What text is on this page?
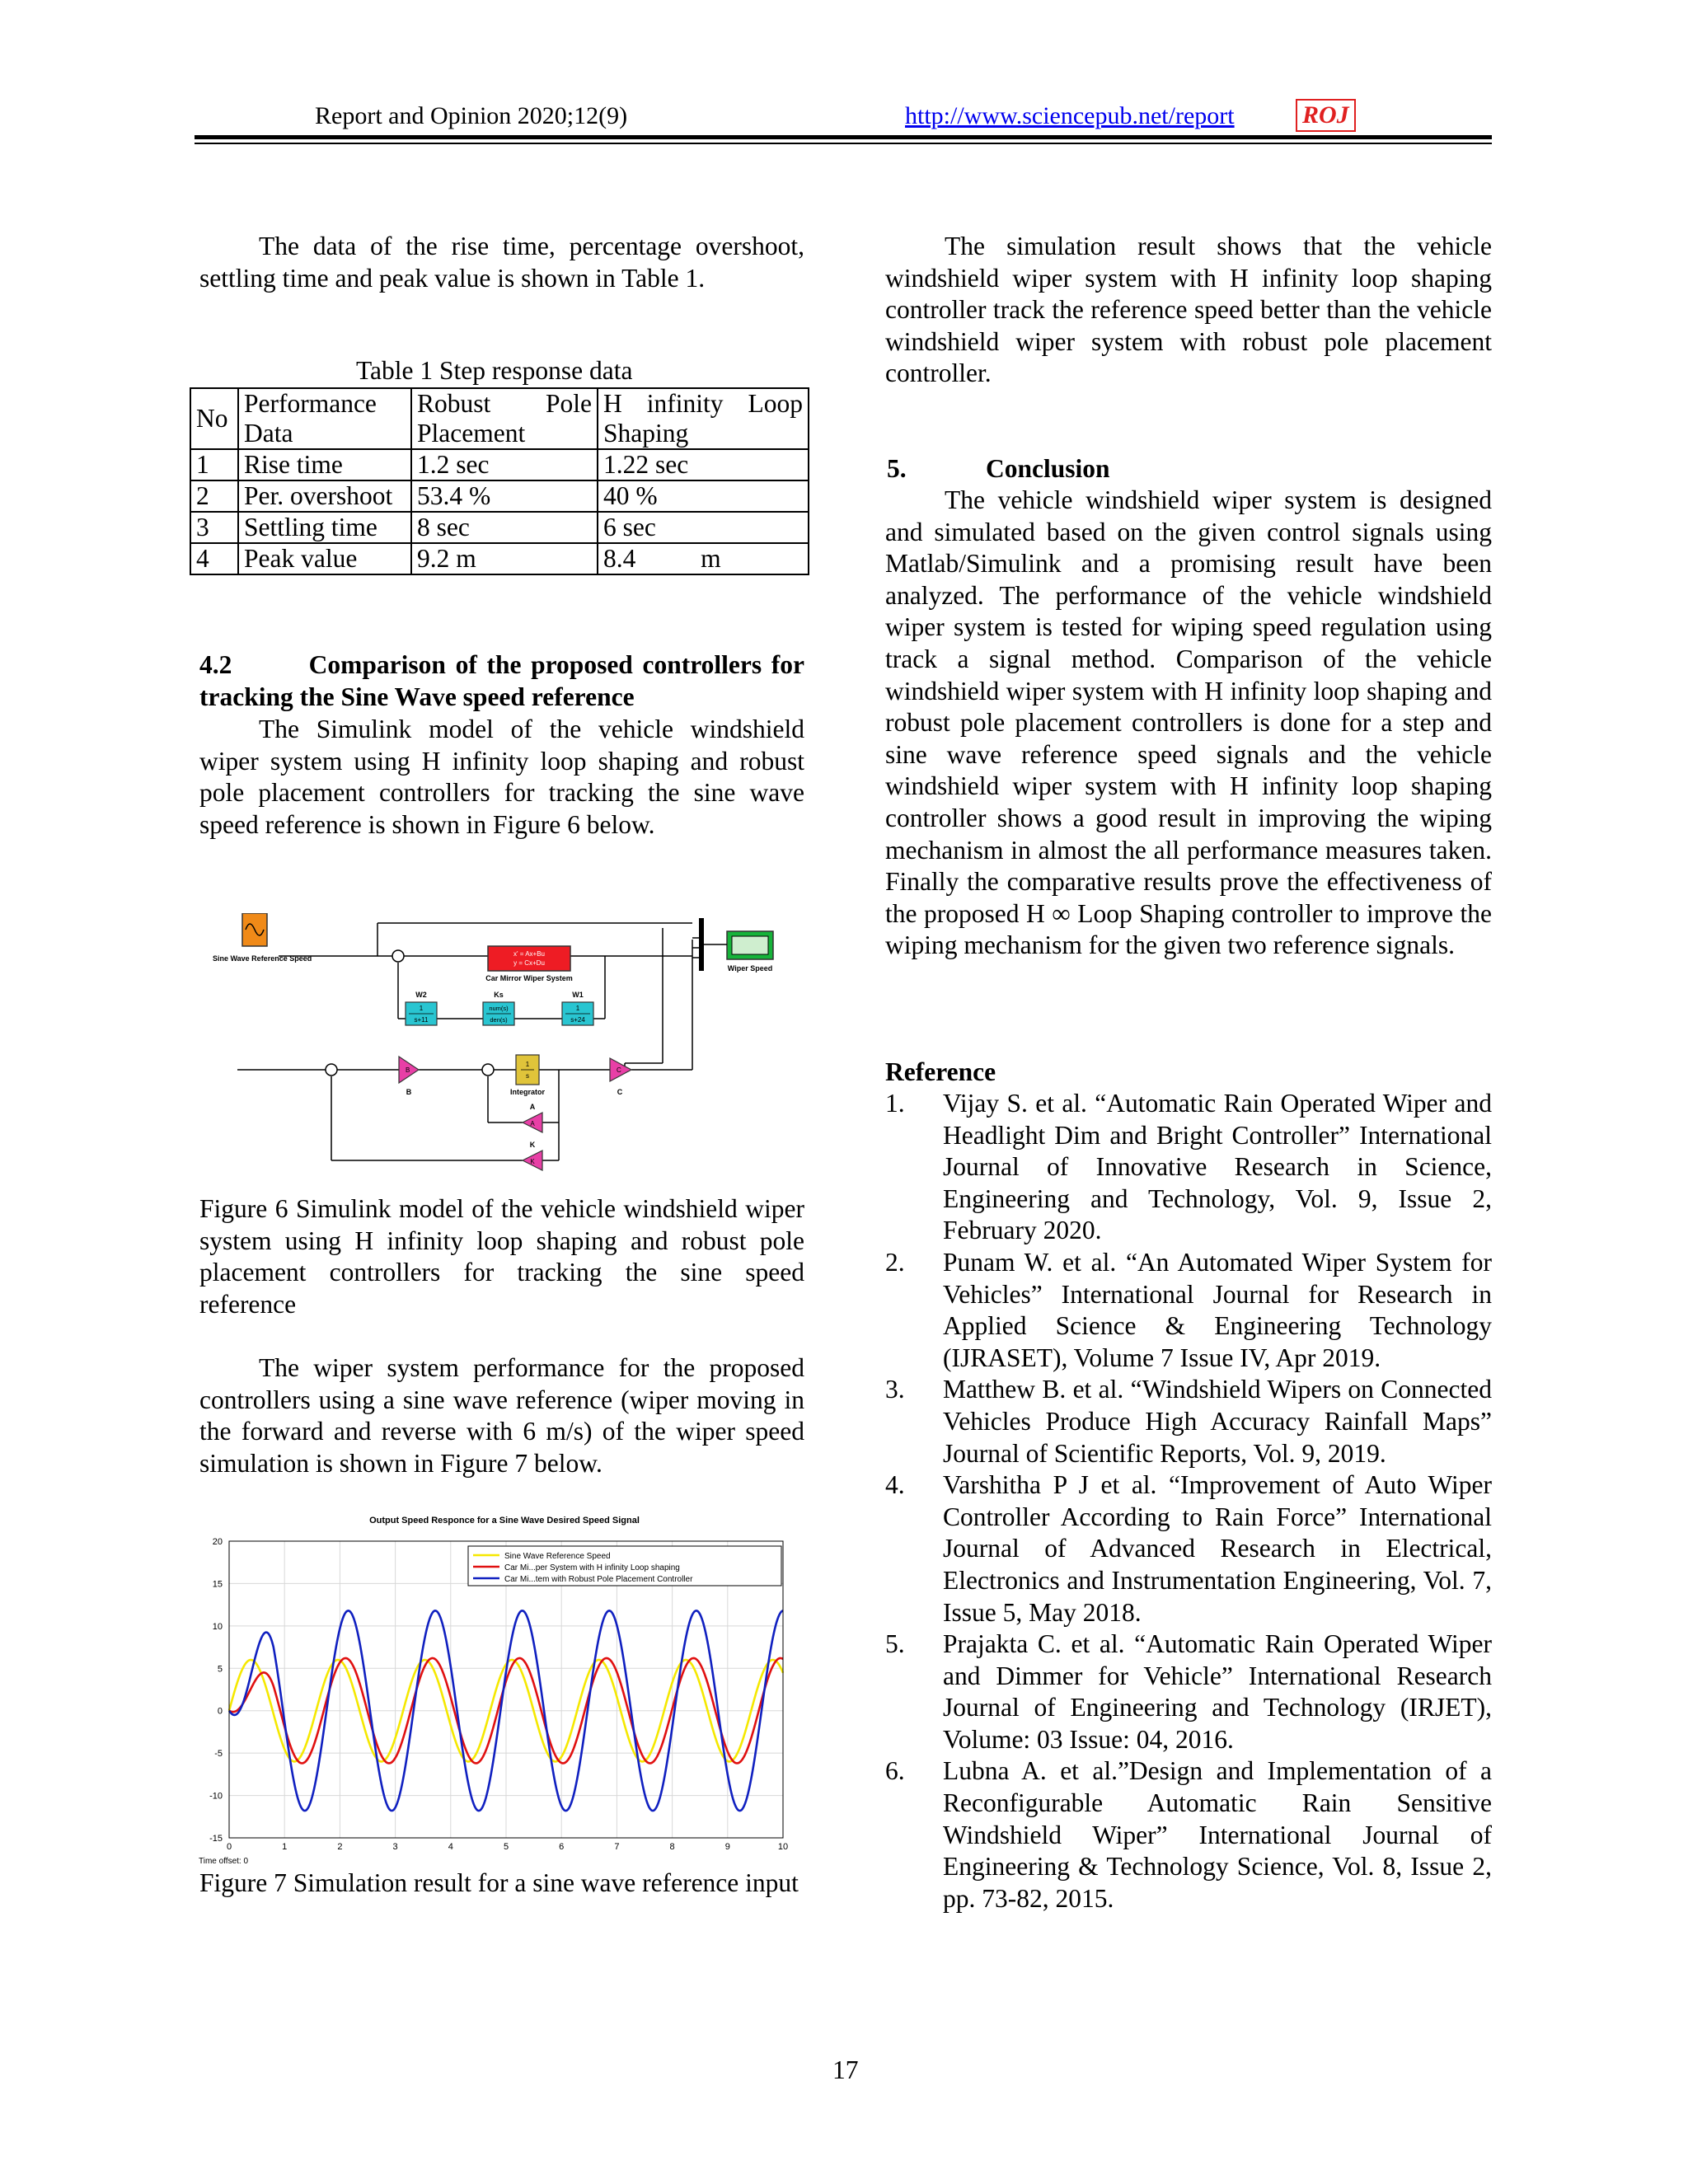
Report and Opinion 2020;12(9)	http://www.sciencepub.net/report	ROJ
The data of the rise time, percentage overshoot, settling time and peak value is shown in Table 1.
Table 1 Step response data
No	Performance Data	Robust Pole Placement	H infinity Loop Shaping
1	Rise time	1.2 sec	1.22 sec
2	Per. overshoot	53.4 %	40 %
3	Settling time	8 sec	6 sec
4	Peak value	9.2 m	8.4          m
4.2        Comparison of the proposed controllers for tracking the Sine Wave speed reference
The Simulink model of the vehicle windshield wiper system using H infinity loop shaping and robust pole placement controllers for tracking the sine wave speed reference is shown in Figure 6 below.
Sine Wave Reference Speed
x' = Ax+Bu
y = Cx+Du
Car Mirror Wiper System
Wiper Speed
W2
1
s+11
Ks
num(s)
den(s)
W1
1
s+24
B
B
1
s
Integrator
C
C
A
A
K
K
Figure 6 Simulink model of the vehicle windshield wiper system using H infinity loop shaping and robust pole placement controllers for tracking the sine speed reference
The wiper system performance for the proposed controllers using a sine wave reference (wiper moving in the forward and reverse with 6 m/s) of the wiper speed simulation is shown in Figure 7 below.
Output Speed Responce for a Sine Wave Desired Speed Signal
0	1	2	3	4	5	6	7	8	9	10
-15
-10
-5
0
5
10
15
20
Sine Wave Reference Speed
Car Mi...per System with H infinity Loop shaping
Car Mi...tem with Robust Pole Placement Controller
Time offset: 0
Figure 7 Simulation result for a sine wave reference input
The simulation result shows that the vehicle windshield wiper system with H infinity loop shaping controller track the reference speed better than the vehicle windshield wiper system with robust pole placement controller.
5.	Conclusion
The vehicle windshield wiper system is designed and simulated based on the given control signals using Matlab/Simulink and a promising result have been analyzed. The performance of the vehicle windshield wiper system is tested for wiping speed regulation using track a signal method. Comparison of the vehicle windshield wiper system with H infinity loop shaping and robust pole placement controllers is done for a step and sine wave reference speed signals and the vehicle windshield wiper system with H infinity loop shaping controller shows a good result in improving the wiping mechanism in almost the all performance measures taken. Finally the comparative results prove the effectiveness of the proposed H ∞ Loop Shaping controller to improve the wiping mechanism for the given two reference signals.
Reference
1. Vijay S. et al. “Automatic Rain Operated Wiper and Headlight Dim and Bright Controller” International Journal of Innovative Research in Science, Engineering and Technology, Vol. 9, Issue 2, February 2020.
2. Punam W. et al. “An Automated Wiper System for Vehicles” International Journal for Research in Applied Science & Engineering Technology (IJRASET), Volume 7 Issue IV, Apr 2019.
3. Matthew B. et al. “Windshield Wipers on Connected Vehicles Produce High Accuracy Rainfall Maps” Journal of Scientific Reports, Vol. 9, 2019.
4. Varshitha P J et al. “Improvement of Auto Wiper Controller According to Rain Force” International Journal of Advanced Research in Electrical, Electronics and Instrumentation Engineering, Vol. 7, Issue 5, May 2018.
5. Prajakta C. et al. “Automatic Rain Operated Wiper and Dimmer for Vehicle” International Research Journal of Engineering and Technology (IRJET), Volume: 03 Issue: 04, 2016.
6. Lubna A. et al.”Design and Implementation of a Reconfigurable Automatic Rain Sensitive Windshield Wiper” International Journal of Engineering & Technology Science, Vol. 8, Issue 2, pp. 73-82, 2015.
17
